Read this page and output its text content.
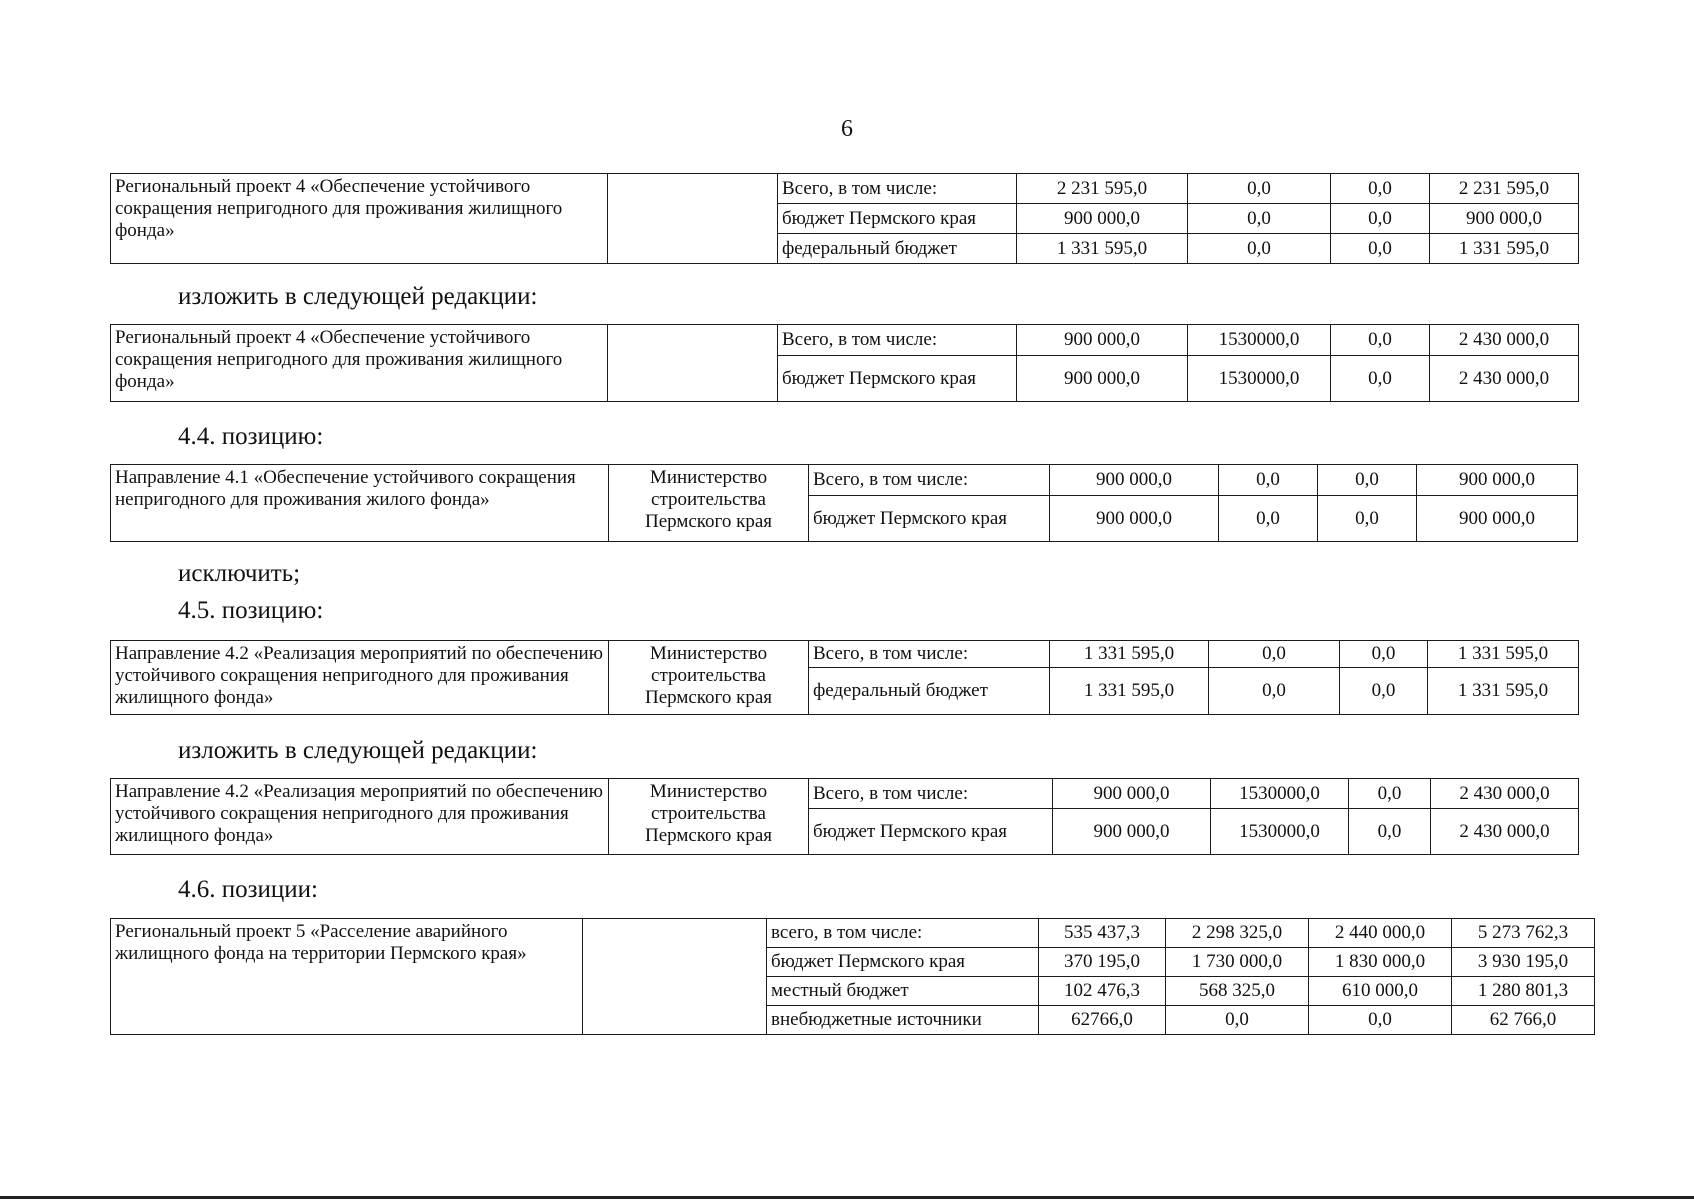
6
Региональный проект 4 «Обеспечение устойчивого сокращения непригодного для проживания жилищного фонда»		Всего, в том числе:	2 231 595,0	0,0	0,0	2 231 595,0
		бюджет Пермского края	900 000,0	0,0	0,0	900 000,0
		федеральный бюджет	1 331 595,0	0,0	0,0	1 331 595,0
изложить в следующей редакции:
Региональный проект 4 «Обеспечение устойчивого сокращения непригодного для проживания жилищного фонда»		Всего, в том числе:	900 000,0	1530000,0	0,0	2 430 000,0
		бюджет Пермского края	900 000,0	1530000,0	0,0	2 430 000,0
4.4. позицию:
Направление 4.1 «Обеспечение устойчивого сокращения непригодного для проживания жилого фонда»	Министерство строительства Пермского края	Всего, в том числе:	900 000,0	0,0	0,0	900 000,0
		бюджет Пермского края	900 000,0	0,0	0,0	900 000,0
исключить;
4.5. позицию:
Направление 4.2 «Реализация мероприятий по обеспечению устойчивого сокращения непригодного для проживания жилищного фонда»	Министерство строительства Пермского края	Всего, в том числе:	1 331 595,0	0,0	0,0	1 331 595,0
		федеральный бюджет	1 331 595,0	0,0	0,0	1 331 595,0
изложить в следующей редакции:
Направление 4.2 «Реализация мероприятий по обеспечению устойчивого сокращения непригодного для проживания жилищного фонда»	Министерство строительства Пермского края	Всего, в том числе:	900 000,0	1530000,0	0,0	2 430 000,0
		бюджет Пермского края	900 000,0	1530000,0	0,0	2 430 000,0
4.6. позиции:
Региональный проект 5 «Расселение аварийного жилищного фонда на территории Пермского края»		всего, в том числе:	535 437,3	2 298 325,0	2 440 000,0	5 273 762,3
		бюджет Пермского края	370 195,0	1 730 000,0	1 830 000,0	3 930 195,0
		местный бюджет	102 476,3	568 325,0	610 000,0	1 280 801,3
		внебюджетные источники	62766,0	0,0	0,0	62 766,0
